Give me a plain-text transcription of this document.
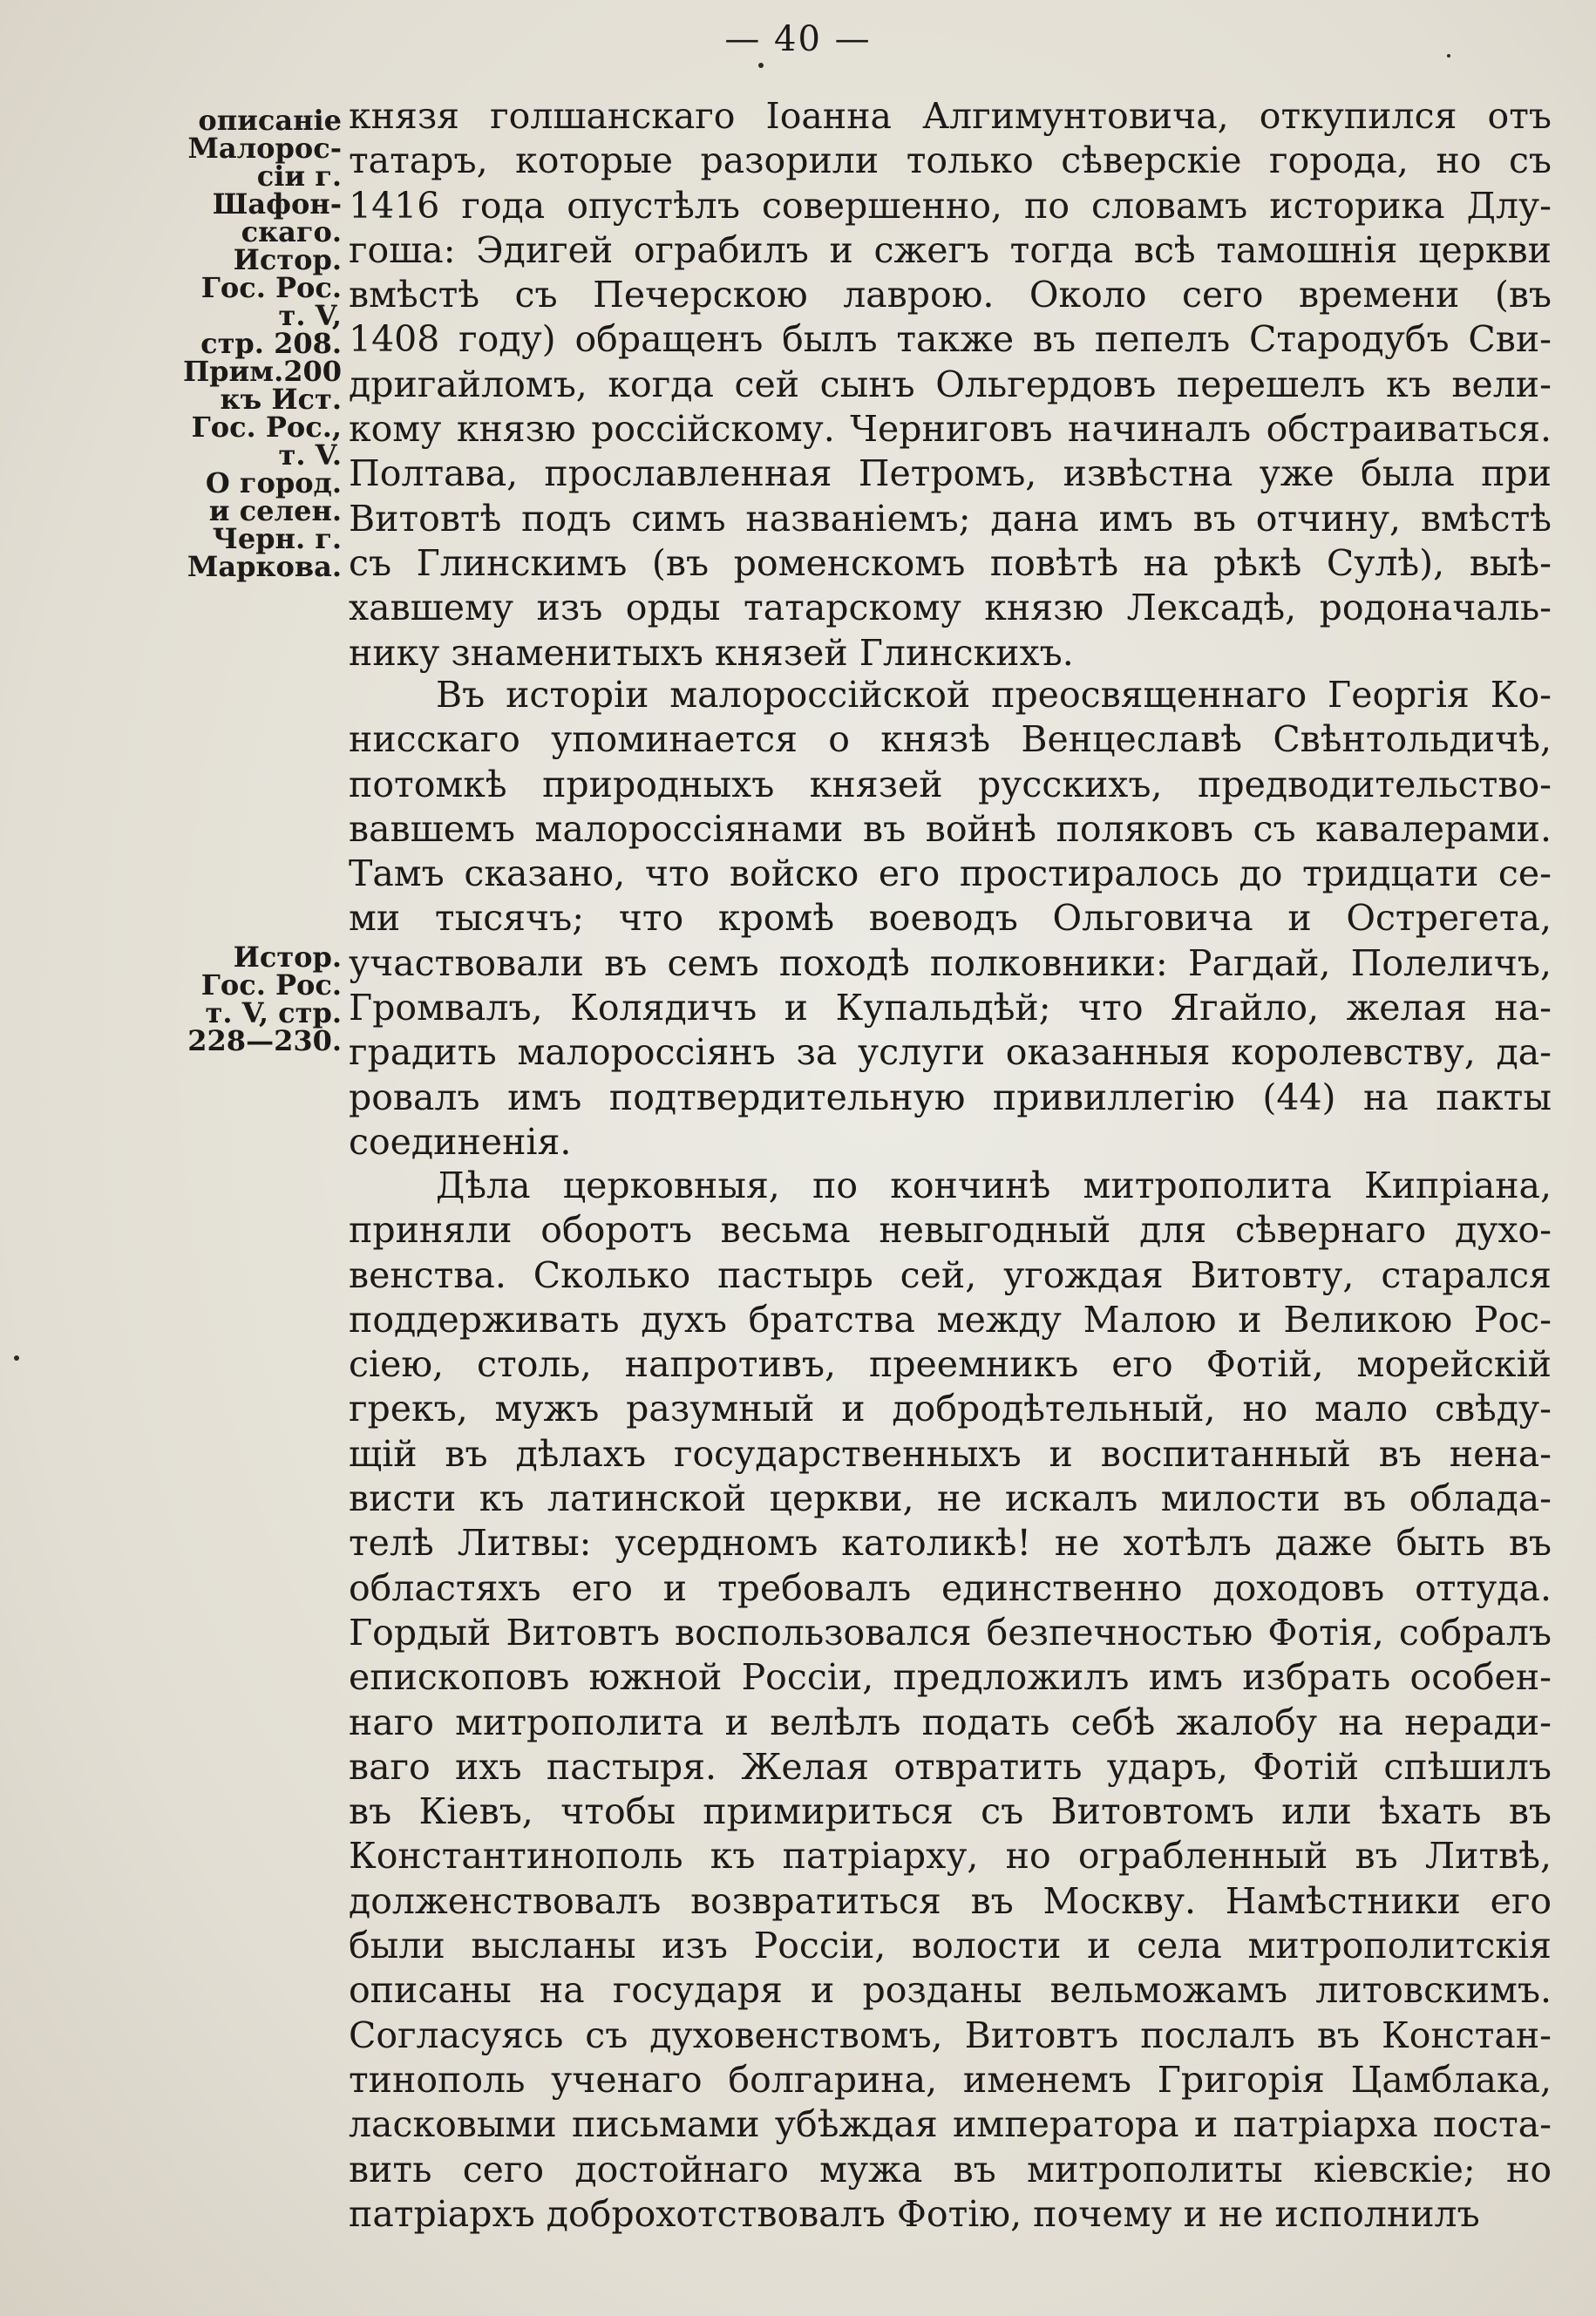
— 40 —
описаніе
Малорос-
сіи г.
Шафон-
скаго.
Истор.
Гос. Рос.
т. V,
стр. 208.
Прим.200
къ Ист.
Гос. Рос.,
т. V.
О город.
и селен.
Черн. г.
Маркова.
Истор.
Гос. Рос.
т. V, стр.
228—230.
князя голшанскаго Іоанна Алгимунтовича, откупился отъ
татаръ, которые разорили только сѣверскіе города, но съ
1416 года опустѣлъ совершенно, по словамъ историка Длу-
гоша: Эдигей ограбилъ и сжегъ тогда всѣ тамошнія церкви
вмѣстѣ съ Печерскою лаврою. Около сего времени (въ
1408 году) обращенъ былъ также въ пепелъ Стародубъ Сви-
дригайломъ, когда сей сынъ Ольгердовъ перешелъ къ вели-
кому князю россійскому. Черниговъ начиналъ обстраиваться.
Полтава, прославленная Петромъ, извѣстна уже была при
Витовтѣ подъ симъ названіемъ; дана имъ въ отчину, вмѣстѣ
съ Глинскимъ (въ роменскомъ повѣтѣ на рѣкѣ Сулѣ), выѣ-
хавшему изъ орды татарскому князю Лексадѣ, родоначаль-
нику знаменитыхъ князей Глинскихъ.
Въ исторіи малороссійской преосвященнаго Георгія Ко-
нисскаго упоминается о князѣ Венцеславѣ Свѣнтольдичѣ,
потомкѣ природныхъ князей русскихъ, предводительство-
вавшемъ малороссіянами въ войнѣ поляковъ съ кавалерами.
Тамъ сказано, что войско его простиралось до тридцати се-
ми тысячъ; что кромѣ воеводъ Ольговича и Острегета,
участвовали въ семъ походѣ полковники: Рагдай, Полеличъ,
Громвалъ, Колядичъ и Купальдѣй; что Ягайло, желая на-
градить малороссіянъ за услуги оказанныя королевству, да-
ровалъ имъ подтвердительную привиллегію (44) на пакты
соединенія.
Дѣла церковныя, по кончинѣ митрополита Кипріана,
приняли оборотъ весьма невыгодный для сѣвернаго духо-
венства. Сколько пастырь сей, угождая Витовту, старался
поддерживать духъ братства между Малою и Великою Рос-
сіею, столь, напротивъ, преемникъ его Фотій, морейскій
грекъ, мужъ разумный и добродѣтельный, но мало свѣду-
щій въ дѣлахъ государственныхъ и воспитанный въ нена-
висти къ латинской церкви, не искалъ милости въ облада-
телѣ Литвы: усердномъ католикѣ! не хотѣлъ даже быть въ
областяхъ его и требовалъ единственно доходовъ оттуда.
Гордый Витовтъ воспользовался безпечностью Фотія, собралъ
епископовъ южной Россіи, предложилъ имъ избрать особен-
наго митрополита и велѣлъ подать себѣ жалобу на неради-
ваго ихъ пастыря. Желая отвратить ударъ, Фотій спѣшилъ
въ Кіевъ, чтобы примириться съ Витовтомъ или ѣхать въ
Константинополь къ патріарху, но ограбленный въ Литвѣ,
долженствовалъ возвратиться въ Москву. Намѣстники его
были высланы изъ Россіи, волости и села митрополитскія
описаны на государя и розданы вельможамъ литовскимъ.
Согласуясь съ духовенствомъ, Витовтъ послалъ въ Констан-
тинополь ученаго болгарина, именемъ Григорія Цамблака,
ласковыми письмами убѣждая императора и патріарха поста-
вить сего достойнаго мужа въ митрополиты кіевскіе; но
патріархъ доброхотствовалъ Фотію, почему и не исполнилъ
